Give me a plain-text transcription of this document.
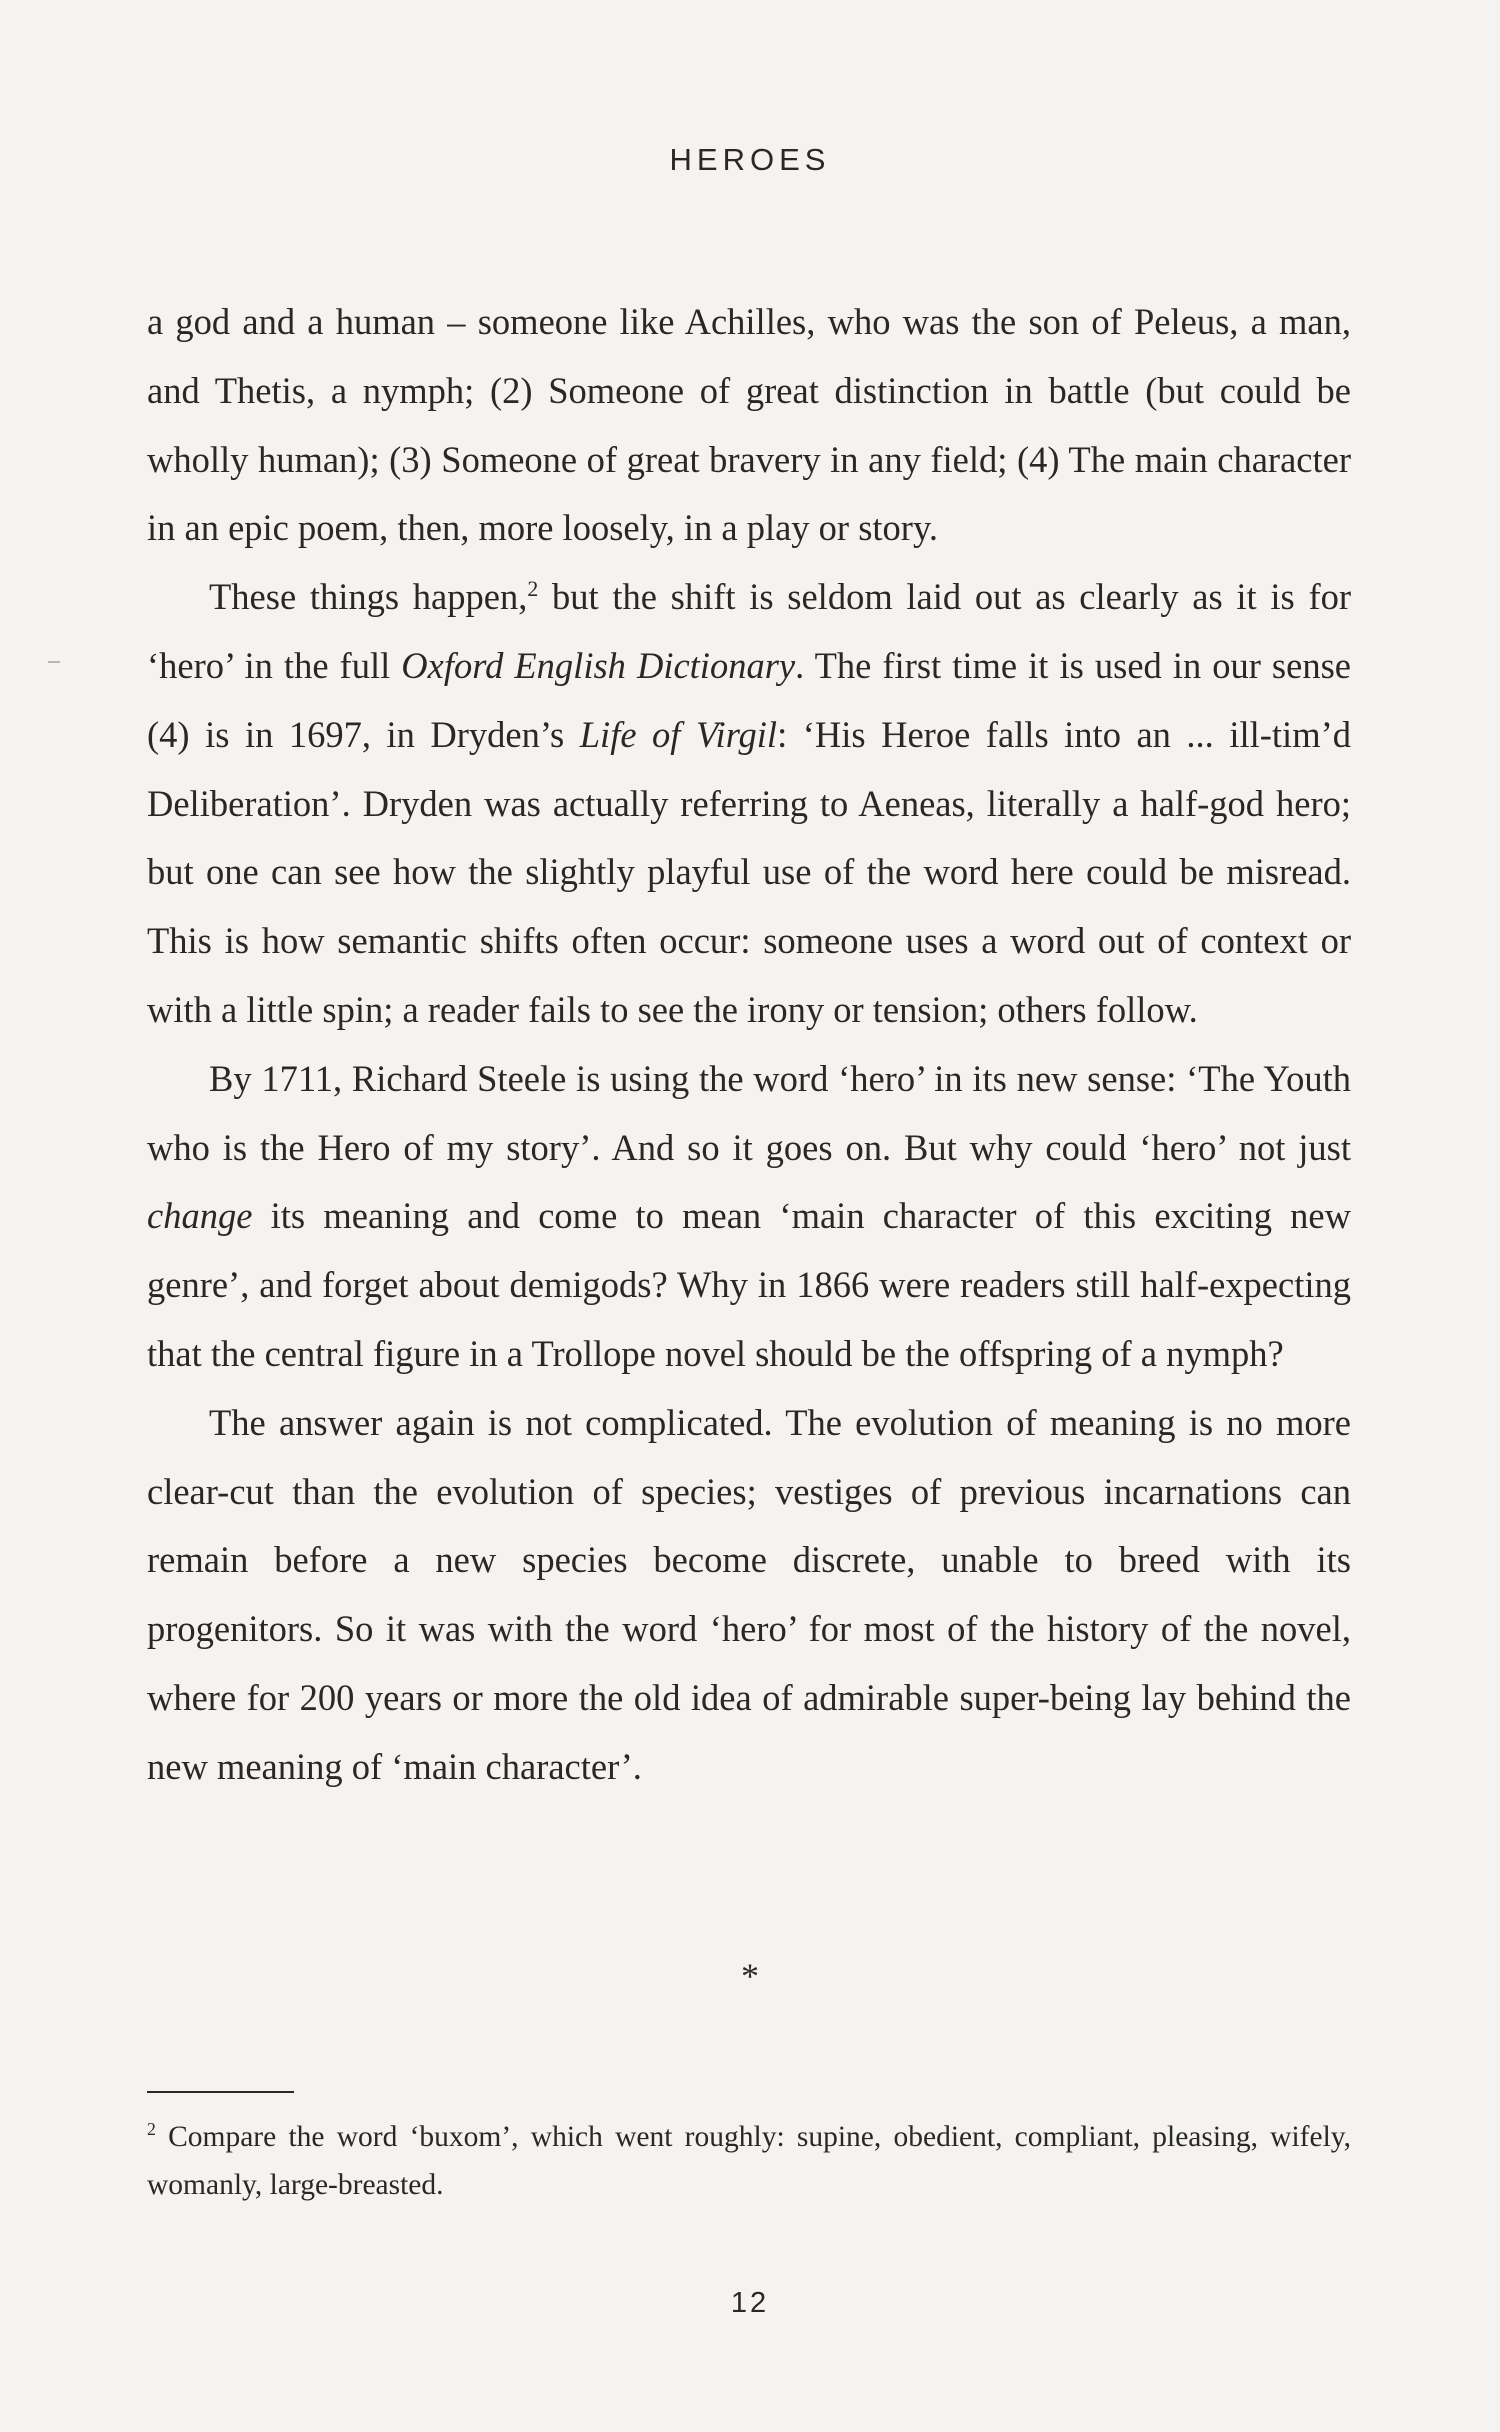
HEROES

a god and a human – someone like Achilles, who was the son of Peleus, a man, and Thetis, a nymph; (2) Someone of great distinction in battle (but could be wholly human); (3) Someone of great bravery in any field; (4) The main character in an epic poem, then, more loosely, in a play or story.

These things happen,$^2$ but the shift is seldom laid out as clearly as it is for ‘hero’ in the full Oxford English Dictionary. The first time it is used in our sense (4) is in 1697, in Dryden’s Life of Virgil: ‘His Heroe falls into an ... ill-tim’d Deliberation’. Dryden was actually referring to Aeneas, literally a half-god hero; but one can see how the slightly playful use of the word here could be misread. This is how semantic shifts often occur: someone uses a word out of context or with a little spin; a reader fails to see the irony or tension; others follow.

By 1711, Richard Steele is using the word ‘hero’ in its new sense: ‘The Youth who is the Hero of my story’. And so it goes on. But why could ‘hero’ not just change its meaning and come to mean ‘main character of this exciting new genre’, and forget about demigods? Why in 1866 were readers still half-expecting that the central figure in a Trollope novel should be the offspring of a nymph?

The answer again is not complicated. The evolution of meaning is no more clear-cut than the evolution of species; vestiges of previous incarnations can remain before a new species become discrete, unable to breed with its progenitors. So it was with the word ‘hero’ for most of the history of the novel, where for 200 years or more the old idea of admirable super-being lay behind the new meaning of ‘main character’.

*
$^2$ Compare the word ‘buxom’, which went roughly: supine, obedient, compliant, pleasing, wifely, womanly, large-breasted.
12
